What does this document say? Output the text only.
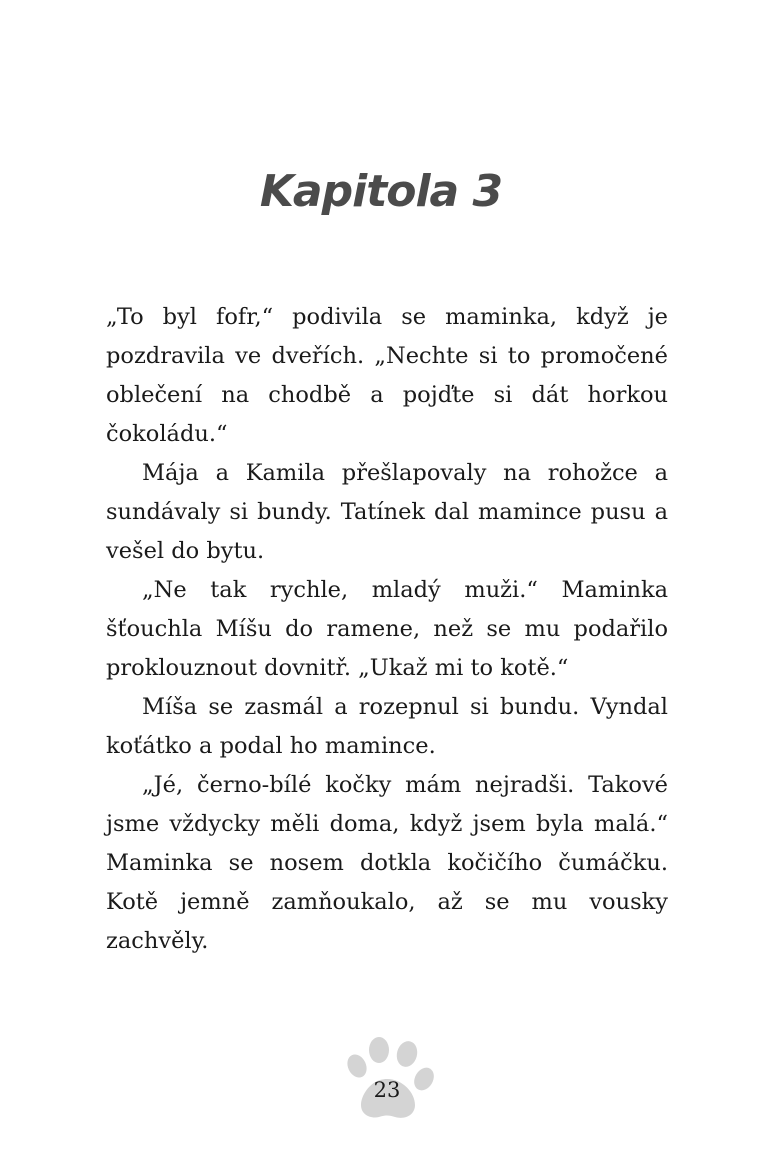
Kapitola 3

„To byl fofr,“ podivila se maminka, když je pozdravila ve dveřích. „Nechte si to promočené oblečení na chodbě a pojďte si dát horkou čokoládu.“

Mája a Kamila přešlapovaly na rohožce a sundávaly si bundy. Tatínek dal mamince pusu a vešel do bytu.

„Ne tak rychle, mladý muži.“ Maminka šťouchla Míšu do ramene, než se mu podařilo proklouznout dovnitř. „Ukaž mi to kotě.“

Míša se zasmál a rozepnul si bundu. Vyndal koťátko a podal ho mamince.

„Jé, černo-bílé kočky mám nejradši. Takové jsme vždycky měli doma, když jsem byla malá.“ Maminka se nosem dotkla kočičího čumáčku. Kotě jemně zamňoukalo, až se mu vousky zachvěly.

23
